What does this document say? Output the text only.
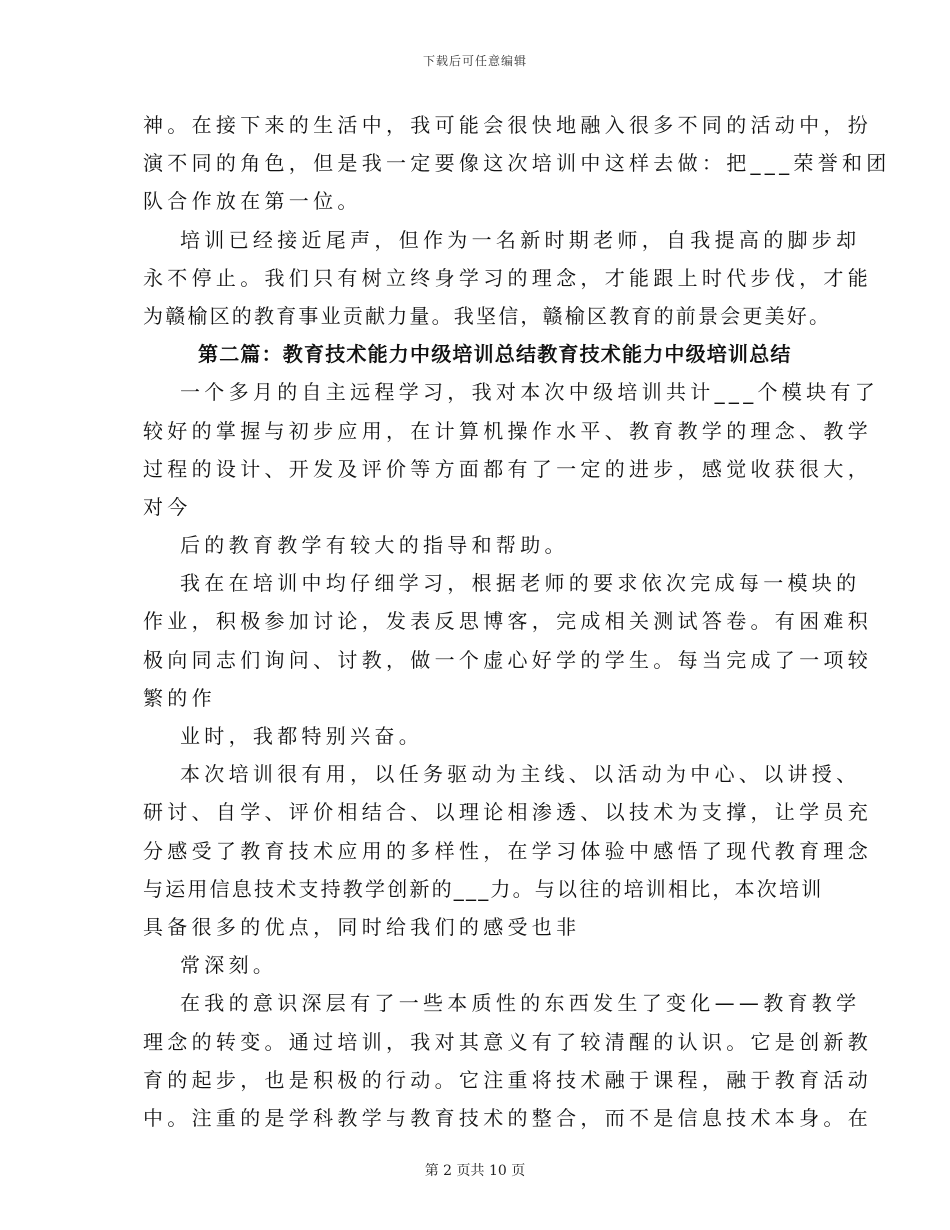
下载后可任意编辑
神。在接下来的生活中，我可能会很快地融入很多不同的活动中，扮
演不同的角色，但是我一定要像这次培训中这样去做：把___荣誉和团
队合作放在第一位。
培训已经接近尾声，但作为一名新时期老师，自我提高的脚步却
永不停止。我们只有树立终身学习的理念，才能跟上时代步伐，才能
为赣榆区的教育事业贡献力量。我坚信，赣榆区教育的前景会更美好。
第二篇：教育技术能力中级培训总结教育技术能力中级培训总结
一个多月的自主远程学习，我对本次中级培训共计___个模块有了
较好的掌握与初步应用，在计算机操作水平、教育教学的理念、教学
过程的设计、开发及评价等方面都有了一定的进步，感觉收获很大，
对今
后的教育教学有较大的指导和帮助。
我在在培训中均仔细学习，根据老师的要求依次完成每一模块的
作业，积极参加讨论，发表反思博客，完成相关测试答卷。有困难积
极向同志们询问、讨教，做一个虚心好学的学生。每当完成了一项较
繁的作
业时，我都特别兴奋。
本次培训很有用，以任务驱动为主线、以活动为中心、以讲授、
研讨、自学、评价相结合、以理论相渗透、以技术为支撑，让学员充
分感受了教育技术应用的多样性，在学习体验中感悟了现代教育理念
与运用信息技术支持教学创新的___力。与以往的培训相比，本次培训
具备很多的优点，同时给我们的感受也非
常深刻。
在我的意识深层有了一些本质性的东西发生了变化——教育教学
理念的转变。通过培训，我对其意义有了较清醒的认识。它是创新教
育的起步，也是积极的行动。它注重将技术融于课程，融于教育活动
中。注重的是学科教学与教育技术的整合，而不是信息技术本身。在
第 2 页共 10 页
